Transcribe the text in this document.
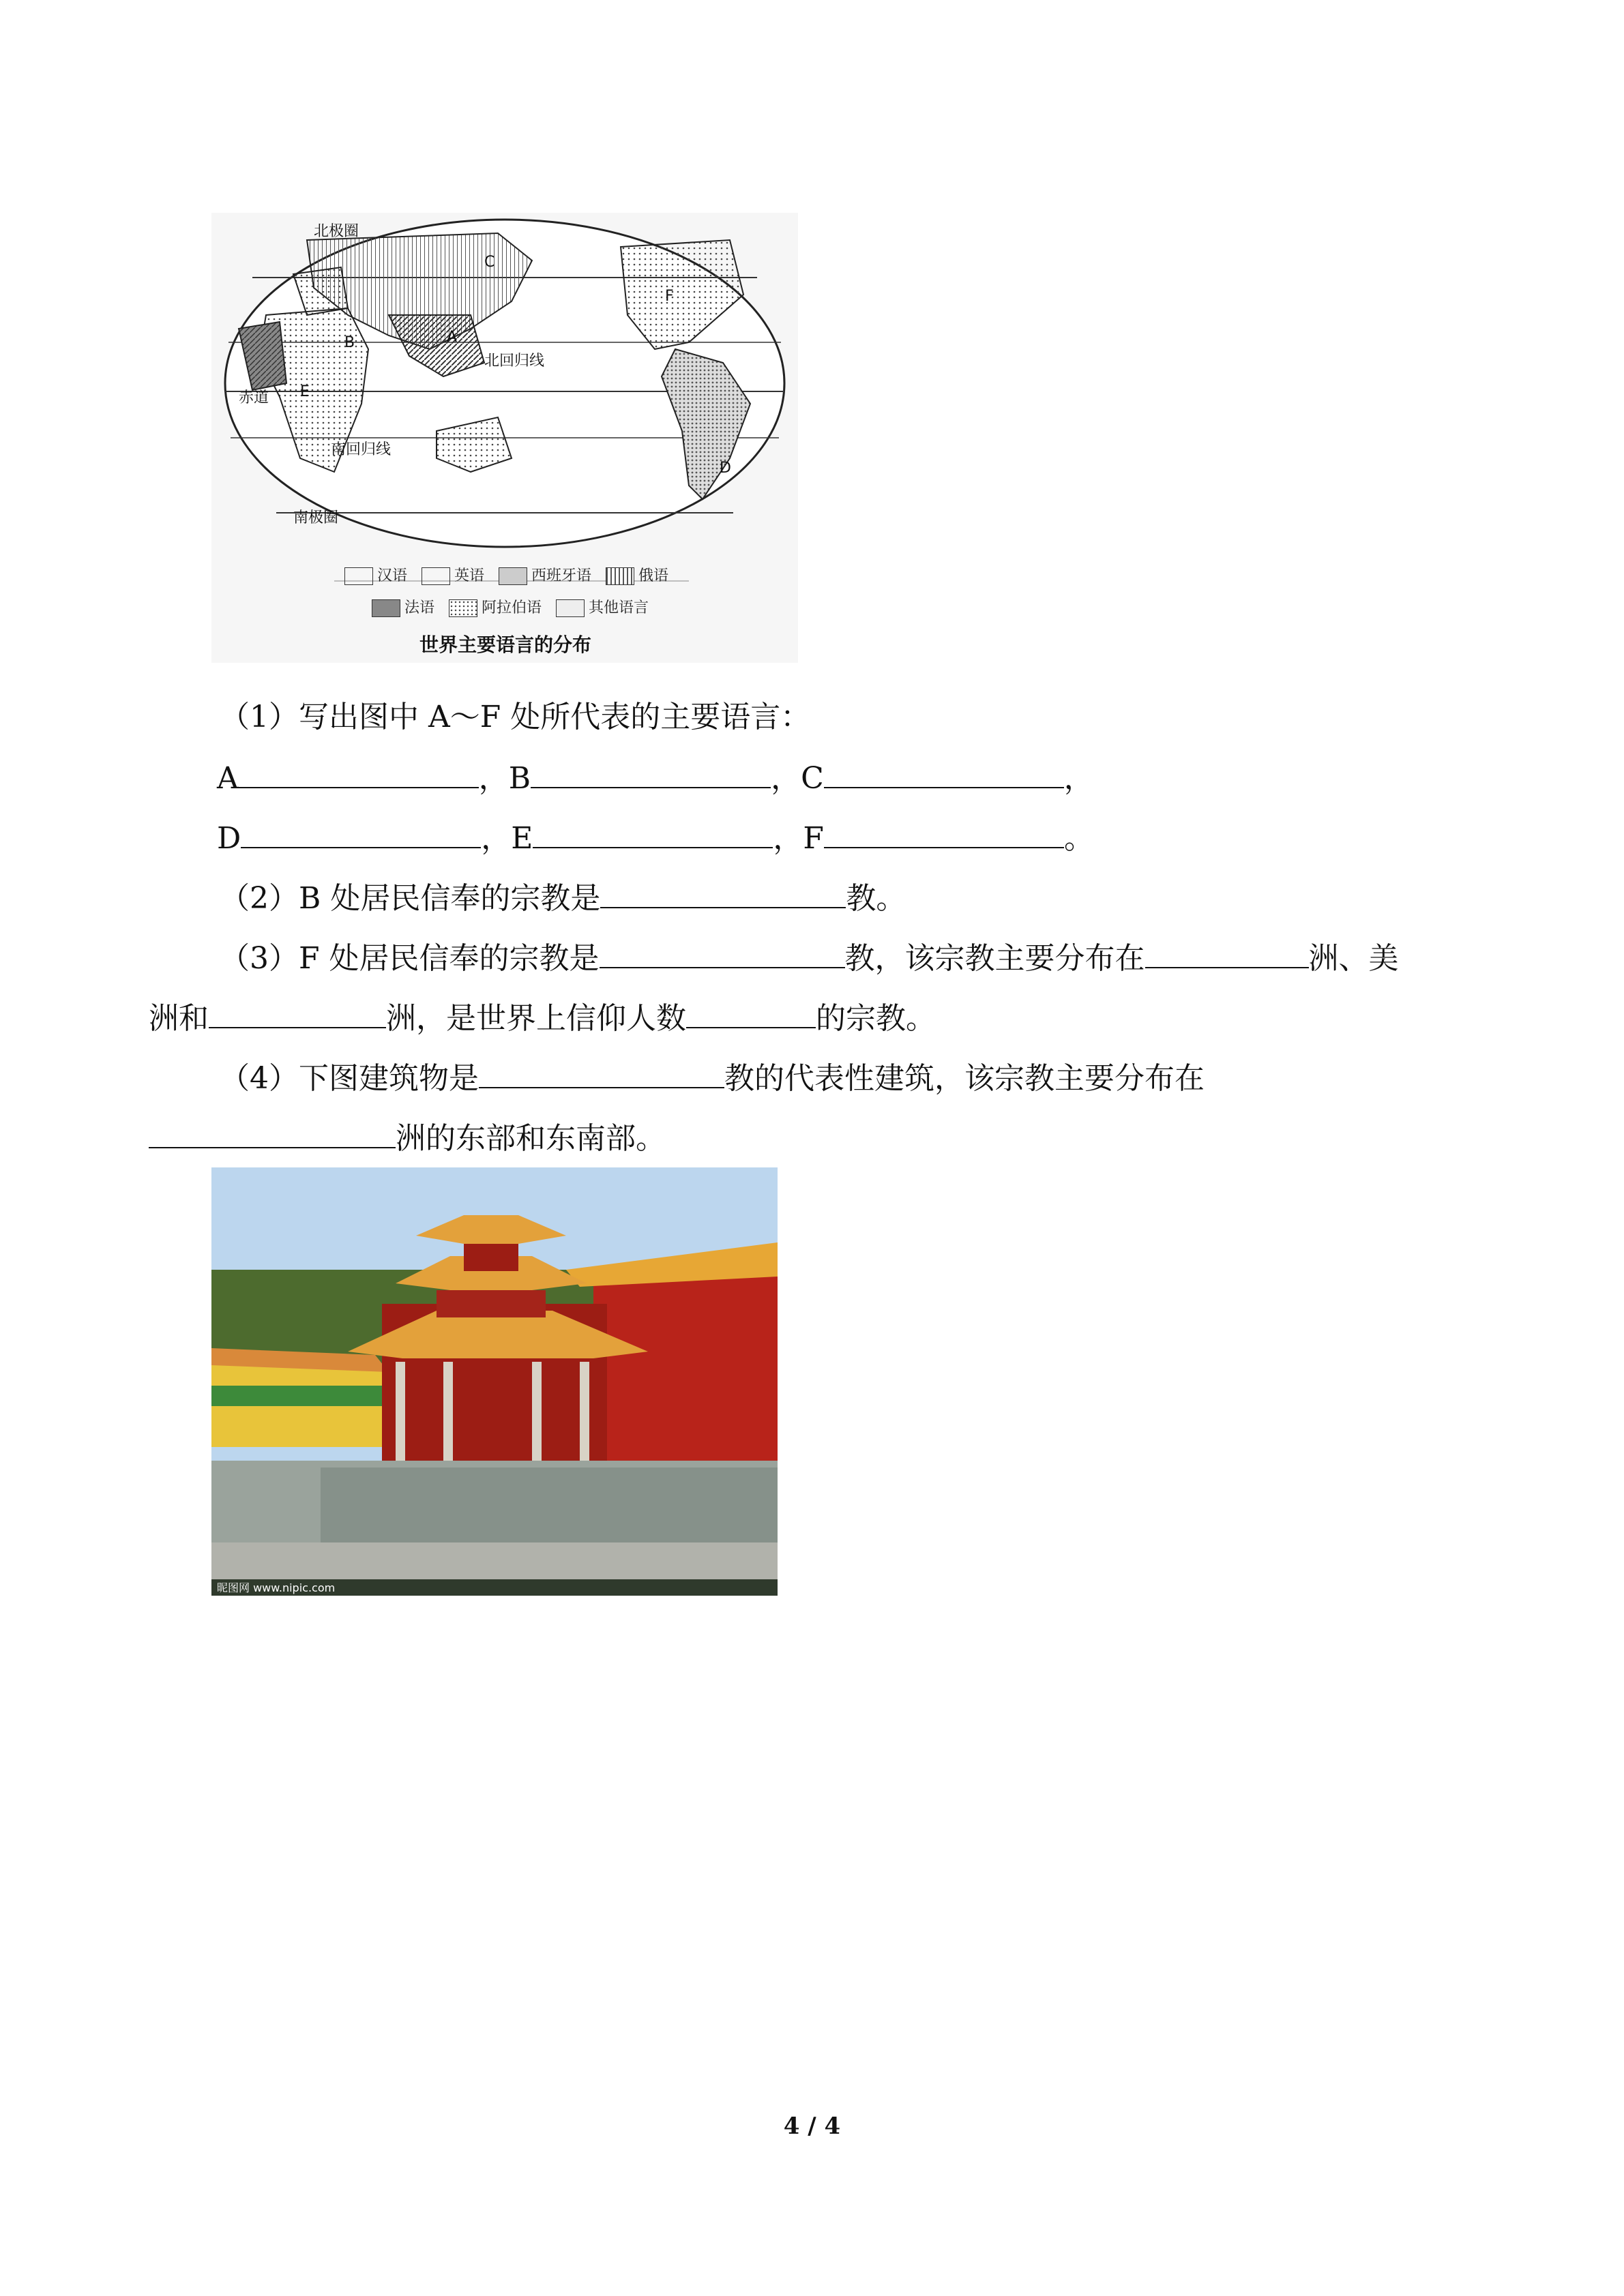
北极圈
北回归线
赤道
南回归线
南极圈
A
B
C
D
E
F
汉语	英语	西班牙语	俄语
法语	阿拉伯语	其他语言
世界主要语言的分布
（1）写出图中 A～F 处所代表的主要语言：
A	，B	，C	，
D	，E	，F	。
（2）B 处居民信奉的宗教是	教。
（3）F 处居民信奉的宗教是	教，该宗教主要分布在	洲、美
洲和	洲，是世界上信仰人数	的宗教。
（4）下图建筑物是	教的代表性建筑，该宗教主要分布在
洲的东部和东南部。
昵图网 www.nipic.com
4 / 4
